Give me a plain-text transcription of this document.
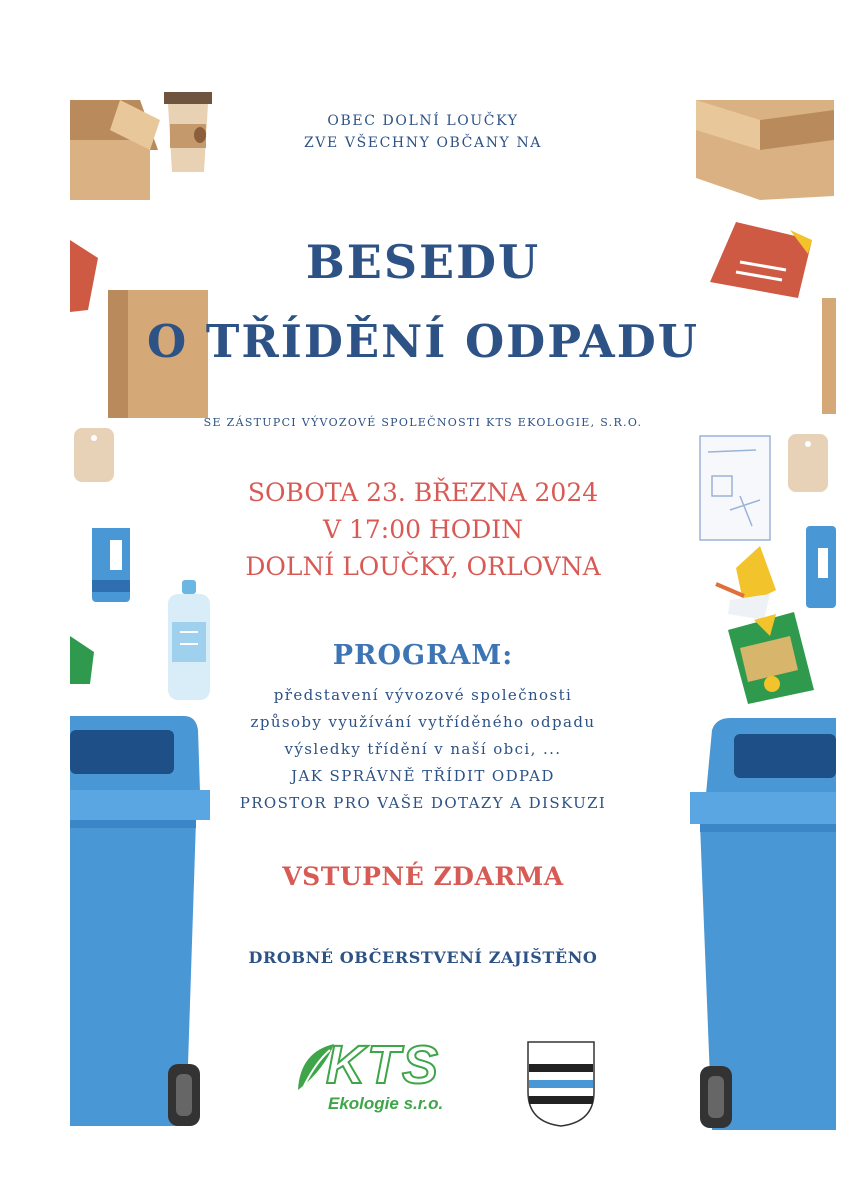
OBEC DOLNÍ LOUČKY
ZVE VŠECHNY OBČANY NA
BESEDU
O TŘÍDĚNÍ ODPADU
SE ZÁSTUPCI VÝVOZOVÉ SPOLEČNOSTI KTS EKOLOGIE, S.R.O.
SOBOTA 23. BŘEZNA 2024
V 17:00 HODIN
DOLNÍ LOUČKY, ORLOVNA
PROGRAM:
představení vývozové společnosti
způsoby využívání vytříděného odpadu
výsledky třídění v naší obci, ...
JAK SPRÁVNĚ TŘÍDIT ODPAD
PROSTOR PRO VAŠE DOTAZY A DISKUZI
VSTUPNÉ ZDARMA
DROBNÉ OBČERSTVENÍ ZAJIŠTĚNO
KTS
Ekologie s.r.o.
